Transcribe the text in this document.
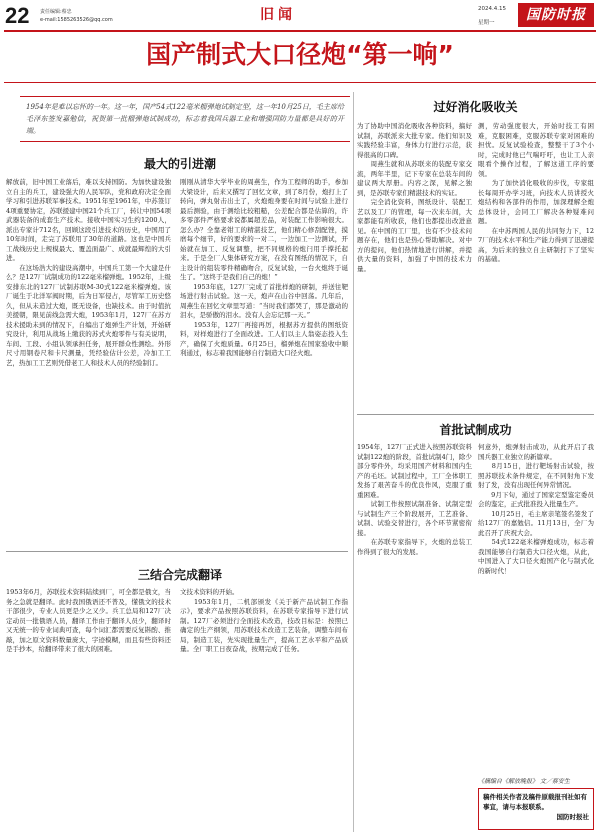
22 责任编辑:蔡忠
e-mail:1585263526@qq.com	旧闻	2024.4.15
星期一	国防时报
国产制式大口径炮“第一响”
1954年是难以忘怀的一年。这一年，国产54式122毫米榴弹炮试制定型，这一年10月25日，毛主席给毛泽东签发嘉勉信，祝贺第一批榴弹炮试制成功，标志着我国兵器工业和增强国防力量都是具好的开端。
最大的引进潮
三结合完成翻译
过好消化吸收关
首批试制成功
解放前，旧中国工业落后，难以支持国防。为加快建设独立自主的兵工，建设强大的人民军队，党和政府决定全面学习和引进苏联军事技术。1951年至1961年，中苏签订4项重要协定，苏联援建中国21个兵工厂，转让中国54项武器装备的成套生产技术。接收中国实习生约1200人，派出专家计712名，回顾这段引进技术的历史，中国用了10年时间，走完了苏联用了30年的道路。这也是中国兵工战线历史上规模最大、覆盖面最广、成就最辉煌的大引进。
　　在这场浩大的建设高潮中，中国兵工第一个大建是什么？是127厂试制成功的122毫米榴弹炮。1952年，上级安排东北的127厂试制苏联M-30式122毫米榴弹炮。该厂诞生于北洋军阀时期，后为日军侵占，尽管军工历史悠久，但从未造过大炮，既无设备，也缺技术。由于时值抗美援朝，限见前线急需大炮，1953年1月，127厂在苏方技术援助未到的情况下，自编出了炮弹生产计划，开始研究设计，利用从战场上缴获的苏式火炮零件与有关说明，车间、工段、小组认领承担任务，展开群众性测绘。外形尺寸用钢卷尺和卡尺测量，凭经验估计公差，冷加工工艺，热加工工艺则凭借老工人和技术人员的经验制订。
刚刚从清华大学毕业的周燕生，作为工程师的助手，参加大梁设计，后来又撰写了回忆文章，到了8月份，炮打上了转向，弹丸射击出土了，火炮炮身要在时间与试验上进行最后测验，由于测绘比较粗糙，公差配合都是估算的，许多零部件严格要求说都属超差品，对装配工作影响很大。怎么办？全靠老钳工的精湛技艺，他们精心修刮配锉，摸磨每个细节，好的要求的一对二，一边加工一边测试，开始就在加工、反复调整，把不同规格的炮闩用手撑托起来。于是全厂人集体研究方案，在没有图纸的情况下，自主设计的组装零件精确吻合，反复试验，一台火炮终于诞生了。“这终于是我们自己的炮！”
　　1953年底，127厂完成了首批样炮的研制，并送往靶场进行射击试验。这一天，炮声在山谷中回荡。几年后，周燕生在回忆文章里写道：“当时我们都哭了，那是激动的泪水，是骄傲的泪水。没有人会忘记那一天。”
　　1953年，127厂再接再厉，根据苏方提供的图纸资料，对样炮进行了全面改进。工人们以主人翁姿态投入生产，确保了火炮质量。6月25日，榴弹炮在国家验收中顺利通过，标志着我国能够自行制造大口径火炮。
1953年6月，苏联技术资料陆续到厂，可全都是俄文，当务之急就是翻译。此时我国俄语还不普及，懂俄文的技术干部很少，专业人员更是少之又少。兵工总局和127厂决定动员一批俄语人员，翻译工作由于翻译人员少，翻译时又无统一的专业词典可查，每个词汇都需要反复斟酌、推敲，加之原文资料数量庞大，字迹模糊，而且有些资料还是手抄本，给翻译带来了很大的困难。
文技术资料的开始。
　　1953年1月，二机部颁发《关于新产品试制工作指示》，要求产品按照苏联资料，在苏联专家指导下进行试制。127厂必须进行全面技术改造，技改目标是：按照已确定的生产纲领，用苏联技术改造工艺装备，调整车间布局，制造工装，先实现批量生产，提高工艺水平和产品质量。全厂职工日夜奋战，按期完成了任务。
为了协助中国消化吸收各种资料，搞好试制，苏联派来大批专家。他们知识及实践经验丰富，身体力行进行示范，获得很高的口碑。
　　周燕生就和从苏联来的装配专家交流，两年半里，记下专家在总装车间的建议两大厚册。内容之深，见解之独到，是苏联专家们精湛技术的实证。
　　完全消化资料，图纸设计、装配工艺以及工厂的管理，每一次来车间，大家都能有所收获，他们也都提出改进意见。在中国的工厂里，也有不少技术问题存在，他们也是热心帮助解决。对中方的提问，他们热情地进行讲解，并提供大量的资料，加强了中国的技术力量。
测，劳动强度很大，开始时技工有困难，克服困难，克服苏联专家对困难的担忧。反复试验检查，整整干了3个小时，完成时他已气喘吁吁，也让工人亲眼看个操作过程，了解这道工序的要领。
　　为了加快消化吸收的步伐，专家组长每周开办学习班，向技术人员讲授火炮结构和各部件的作用，加深理解全炮总体设计，会同工厂解决各种疑难问题。
　　在中苏两国人民的共同努力下，127厂的技术水平和生产能力得到了迅速提高，为后来的独立自主研制打下了坚实的基础。
1954年，127厂正式进入按照苏联资料试制122炮的阶段，首批试制4门，除少部分零件外，均采用国产材料和国内生产的毛坯。试制过程中，工厂全体职工发扬了艰苦奋斗的优良作风，克服了重重困难。
　　试制工作按照试制准备、试制定型与试制生产三个阶段展开，工艺准备、试制、试验交替进行，各个环节紧密衔接。
　　在苏联专家指导下，火炮的总装工作得到了很大的发展。
何意外，炮弹射击成功，从此开启了我国兵器工业独立的新篇章。
　　8月15日，进行靶场射击试验，按照苏联技术条件规定，在不同射角下发射了发，没有出现任何异常情况。
　　9月下旬，通过了国家定型鉴定委员会的鉴定，正式批准投入批量生产。
　　10月25日，毛主席亲笔签名签发了给127厂的嘉勉信。11月13日，全厂为此召开了庆祝大会。
　　54式122毫米榴弹炮成功，标志着我国能够自行制造大口径火炮，从此，中国进入了大口径火炮国产化与制式化的新时代！
《摘编自《解放晚报》 文／蔡安生
稿件相关作者及稿件原载报刊社如有事宜，请与本报联系。
国防时报社
